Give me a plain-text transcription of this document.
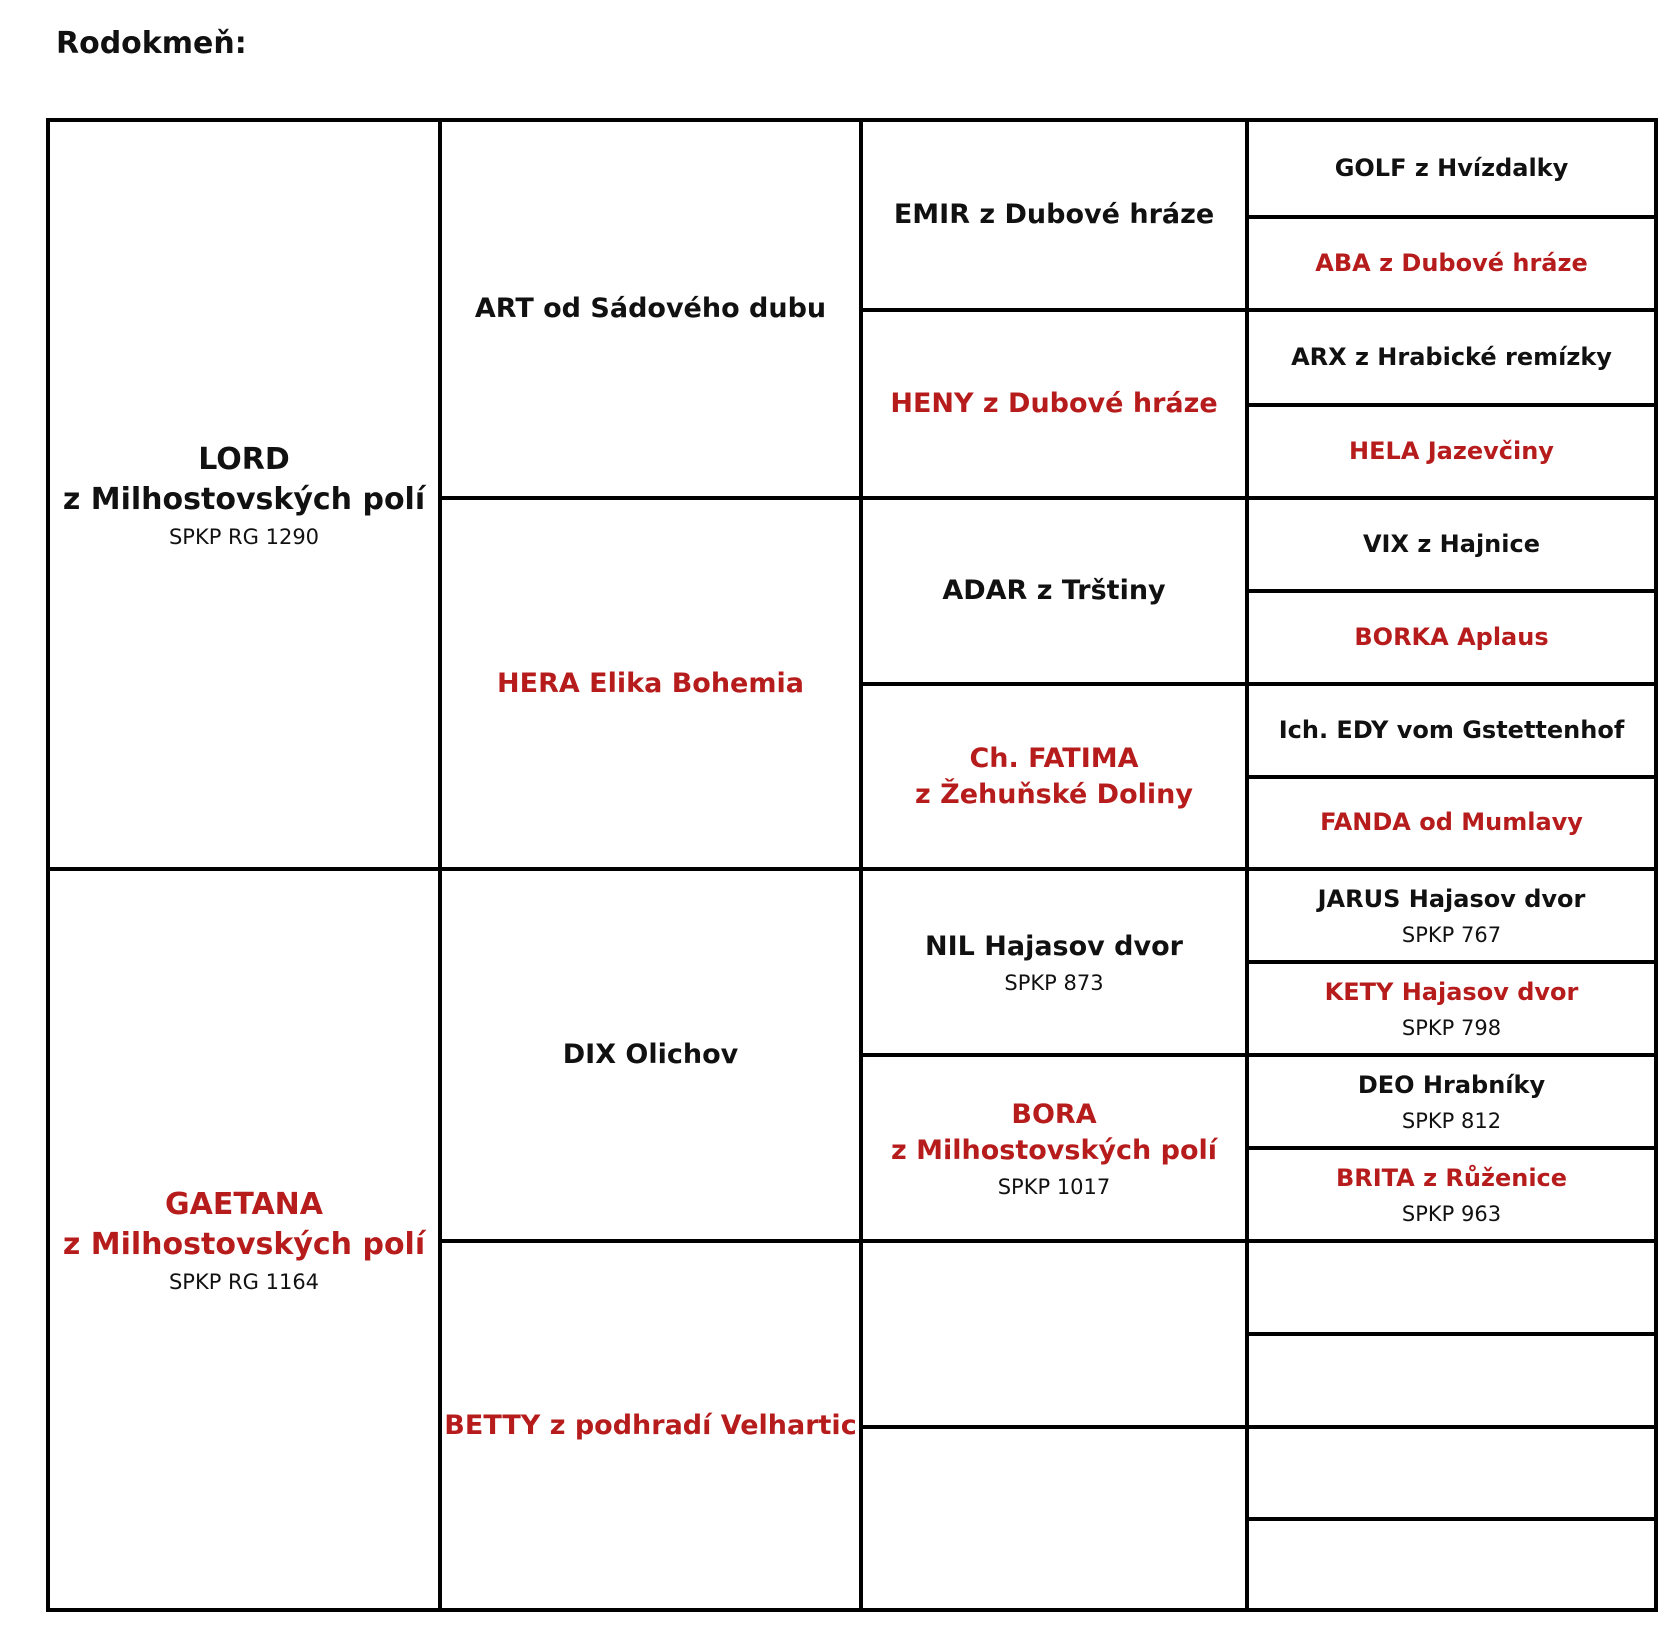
Rodokmeň:
LORD
z Milhostovských polí
SPKP RG 1290
GAETANA
z Milhostovských polí
SPKP RG 1164
ART od Sádového dubu
HERA Elika Bohemia
DIX Olichov
BETTY z podhradí Velhartic
EMIR z Dubové hráze
HENY z Dubové hráze
ADAR z Trštiny
Ch. FATIMA
z Žehuňské Doliny
NIL Hajasov dvor
SPKP 873
BORA
z Milhostovských polí
SPKP 1017
GOLF z Hvízdalky
ABA z Dubové hráze
ARX z Hrabické remízky
HELA Jazevčiny
VIX z Hajnice
BORKA Aplaus
Ich. EDY vom Gstettenhof
FANDA od Mumlavy
JARUS Hajasov dvor
SPKP 767
KETY Hajasov dvor
SPKP 798
DEO Hrabníky
SPKP 812
BRITA z Růženice
SPKP 963
